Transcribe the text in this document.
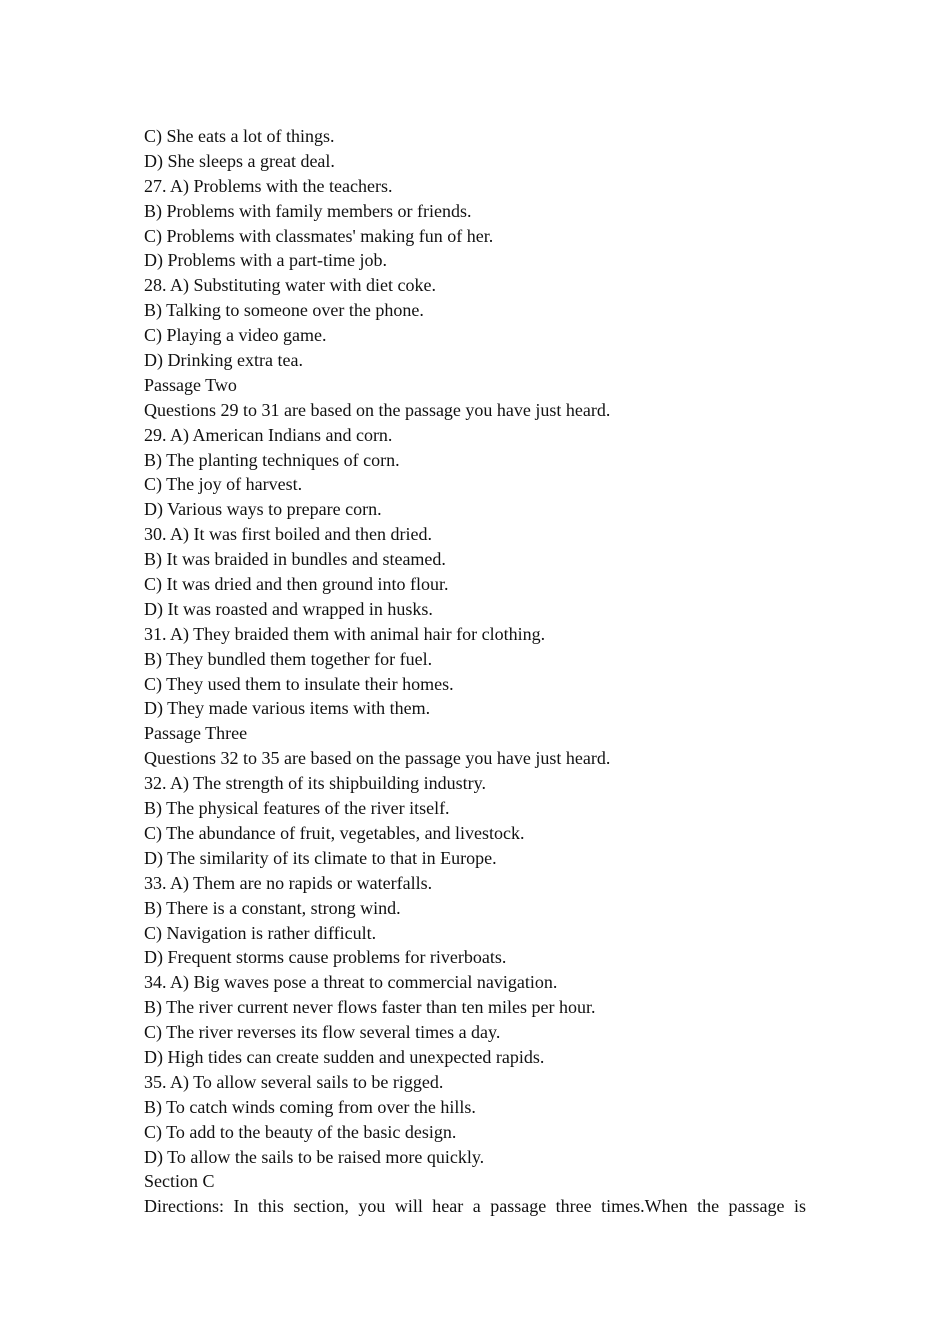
C) She eats a lot of things.
D) She sleeps a great deal.
27. A) Problems with the teachers.
B) Problems with family members or friends.
C) Problems with classmates' making fun of her.
D) Problems with a part-time job.
28. A) Substituting water with diet coke.
B) Talking to someone over the phone.
C) Playing a video game.
D) Drinking extra tea.
Passage Two
Questions 29 to 31 are based on the passage you have just heard.
29. A) American Indians and corn.
B) The planting techniques of corn.
C) The joy of harvest.
D) Various ways to prepare corn.
30. A) It was first boiled and then dried.
B) It was braided in bundles and steamed.
C) It was dried and then ground into flour.
D) It was roasted and wrapped in husks.
31. A) They braided them with animal hair for clothing.
B) They bundled them together for fuel.
C) They used them to insulate their homes.
D) They made various items with them.
Passage Three
Questions 32 to 35 are based on the passage you have just heard.
32. A) The strength of its shipbuilding industry.
B) The physical features of the river itself.
C) The abundance of fruit, vegetables, and livestock.
D) The similarity of its climate to that in Europe.
33. A) Them are no rapids or waterfalls.
B) There is a constant, strong wind.
C) Navigation is rather difficult.
D) Frequent storms cause problems for riverboats.
34. A) Big waves pose a threat to commercial navigation.
B) The river current never flows faster than ten miles per hour.
C) The river reverses its flow several times a day.
D) High tides can create sudden and unexpected rapids.
35. A) To allow several sails to be rigged.
B) To catch winds coming from over the hills.
C) To add to the beauty of the basic design.
D) To allow the sails to be raised more quickly.
Section C
Directions: In this section, you will hear a passage three times.When the passage is
